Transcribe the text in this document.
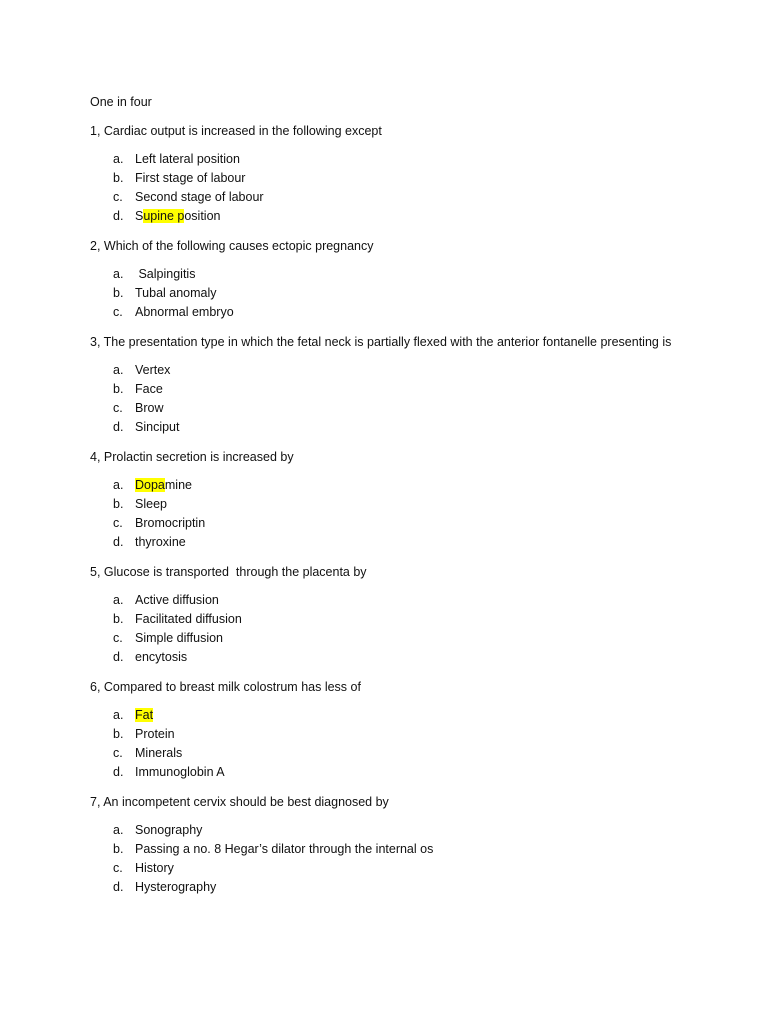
One in four

1, Cardiac output is increased in the following except

a. Left lateral position
b. First stage of labour
c. Second stage of labour
d. Supine position

2, Which of the following causes ectopic pregnancy

a. Salpingitis
b. Tubal anomaly
c. Abnormal embryo

3, The presentation type in which the fetal neck is partially flexed with the anterior fontanelle presenting is

a. Vertex
b. Face
c. Brow
d. Sinciput

4, Prolactin secretion is increased by

a. Dopamine
b. Sleep
c. Bromocriptin
d. thyroxine

5, Glucose is transported  through the placenta by

a. Active diffusion
b. Facilitated diffusion
c. Simple diffusion
d. encytosis

6, Compared to breast milk colostrum has less of

a. Fat
b. Protein
c. Minerals
d. Immunoglobin A

7, An incompetent cervix should be best diagnosed by

a. Sonography
b. Passing a no. 8 Hegar’s dilator through the internal os
c. History
d. Hysterography
